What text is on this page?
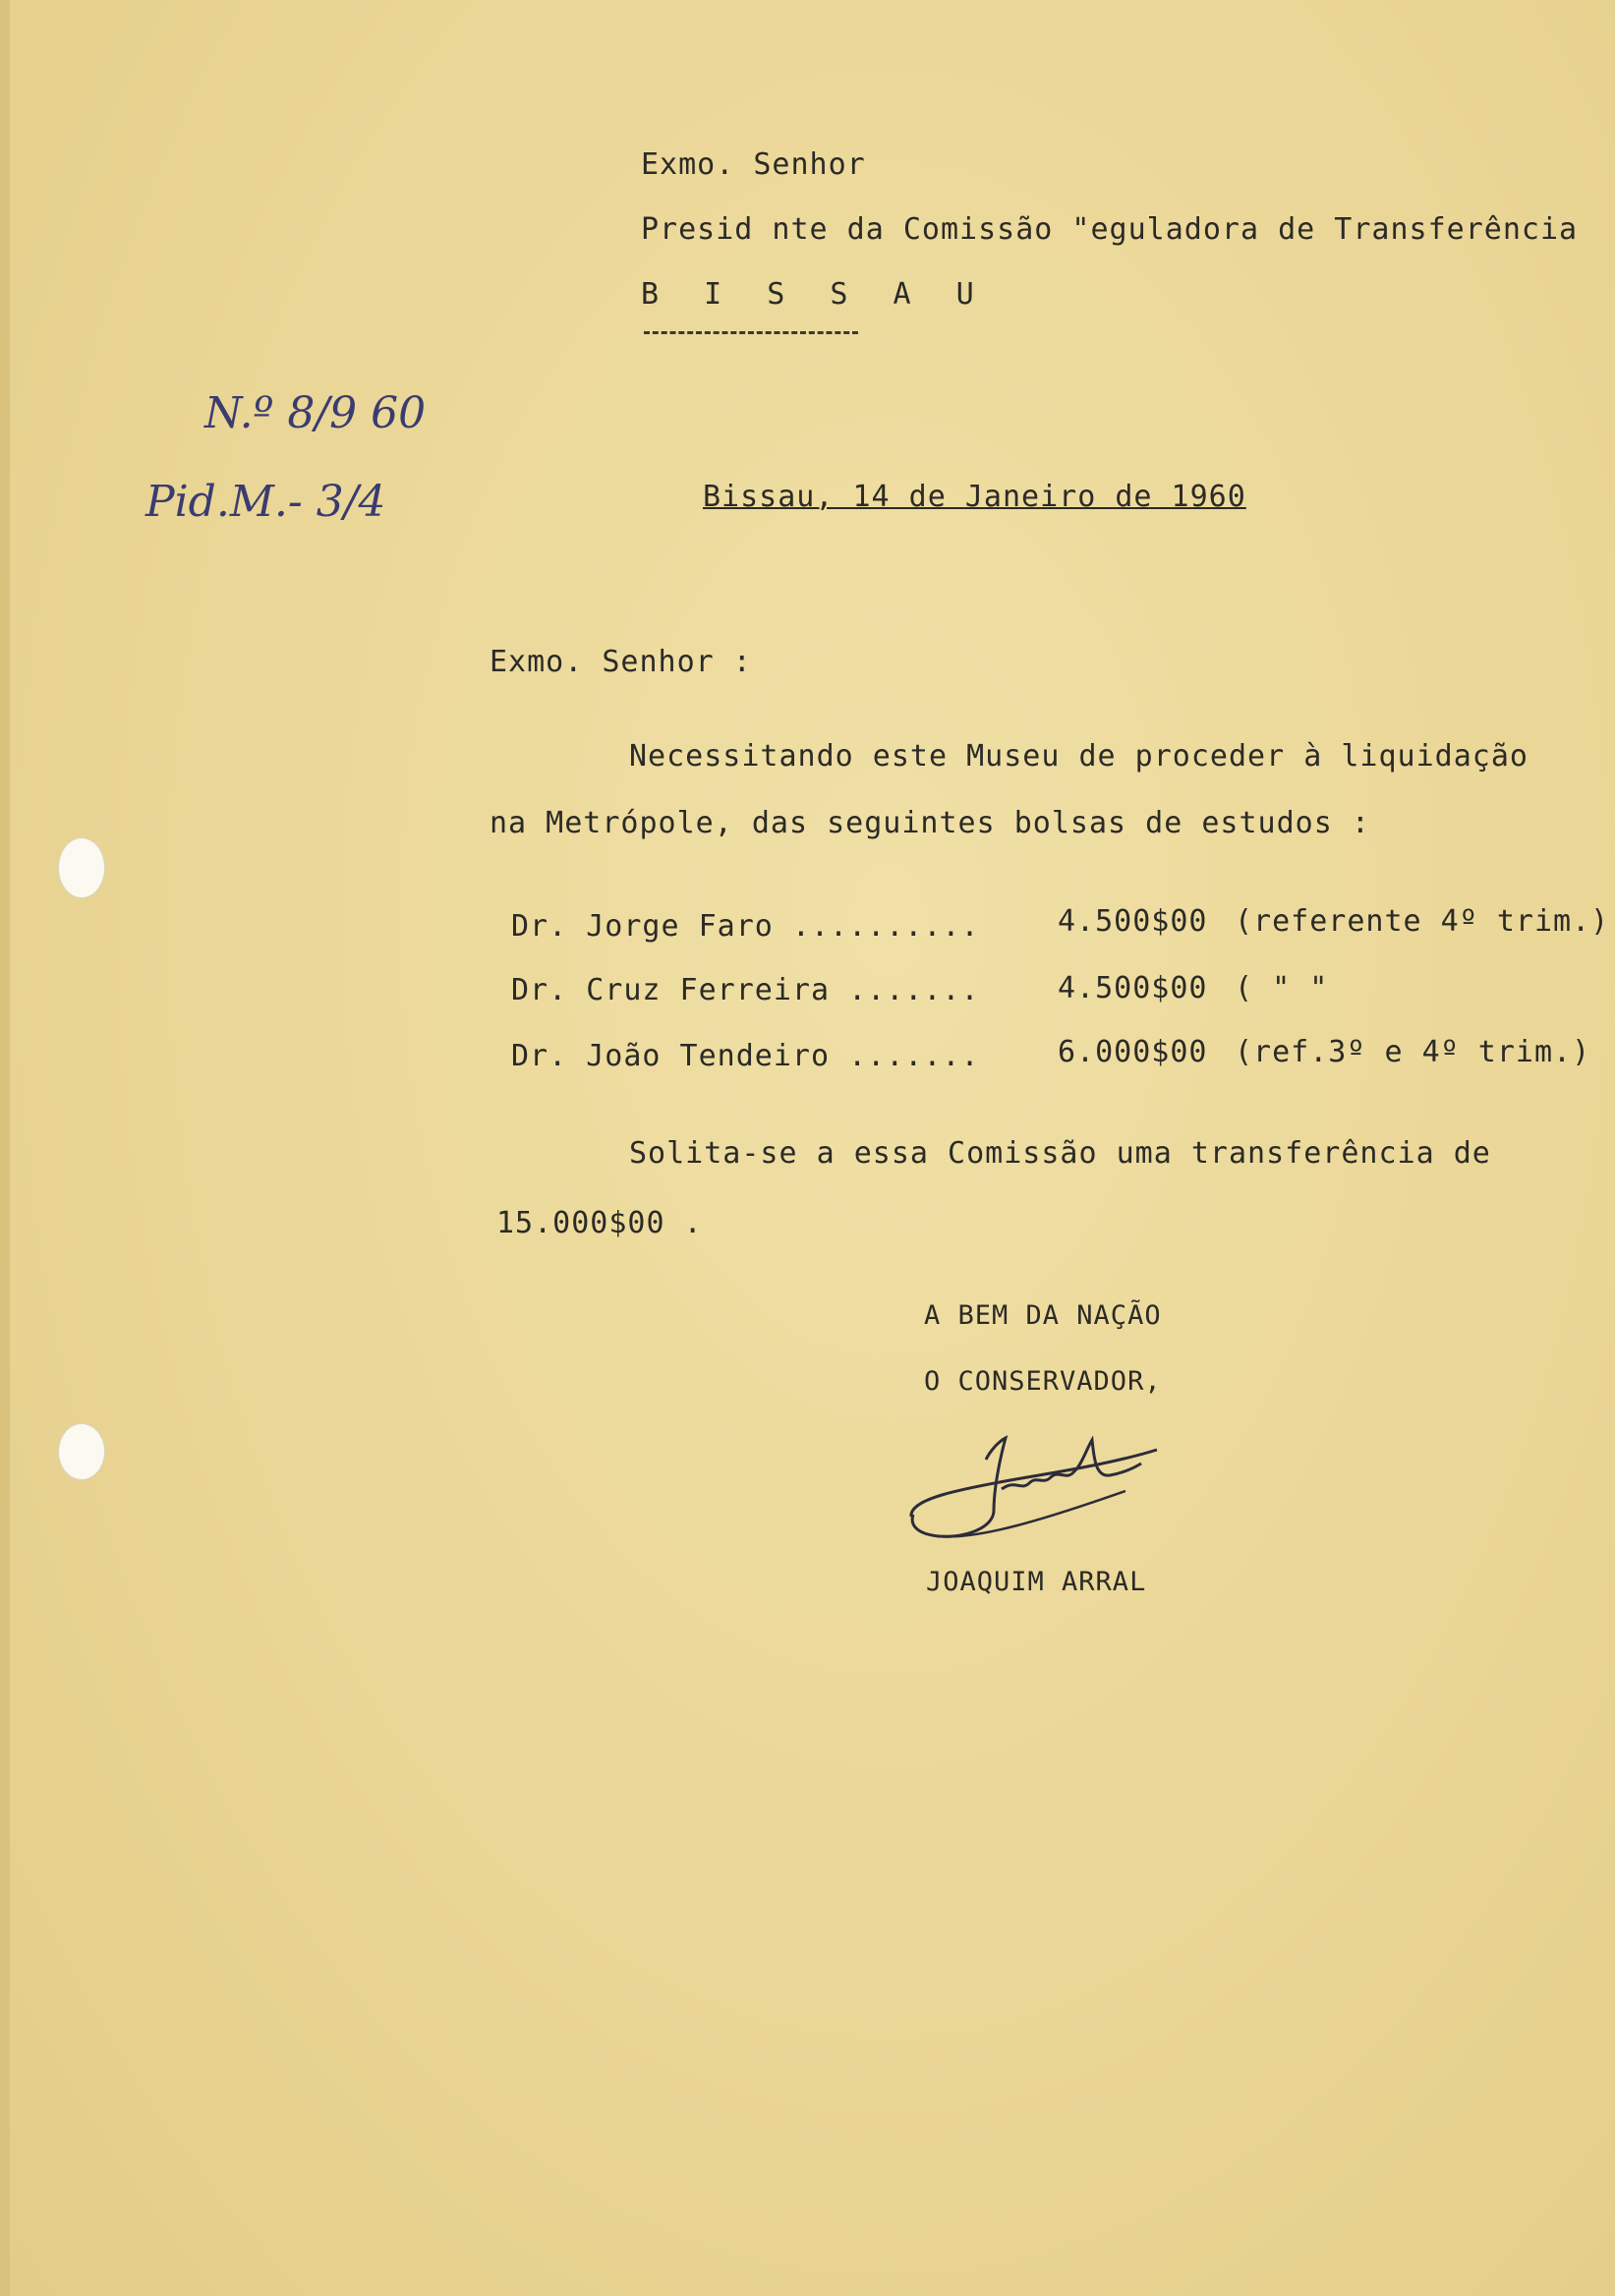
Exmo. Senhor
Presid nte da Comissão "eguladora de Transferência
B I S S A U
N.º 8/9 60
Pid.M.- 3/4	Bissau, 14 de Janeiro de 1960
Exmo. Senhor :
Necessitando este Museu de proceder à liquidação
na Metrópole, das seguintes bolsas de estudos :
Dr. Jorge Faro ..........	4.500$00 (referente 4º trim.)
Dr. Cruz Ferreira .......	4.500$00 ( " "
Dr. João Tendeiro .......	6.000$00 (ref.3º e 4º trim.)
Solita-se a essa Comissão uma transferência de
15.000$00 .
A BEM DA NAÇÃO
O CONSERVADOR,
JOAQUIM ARRAL
